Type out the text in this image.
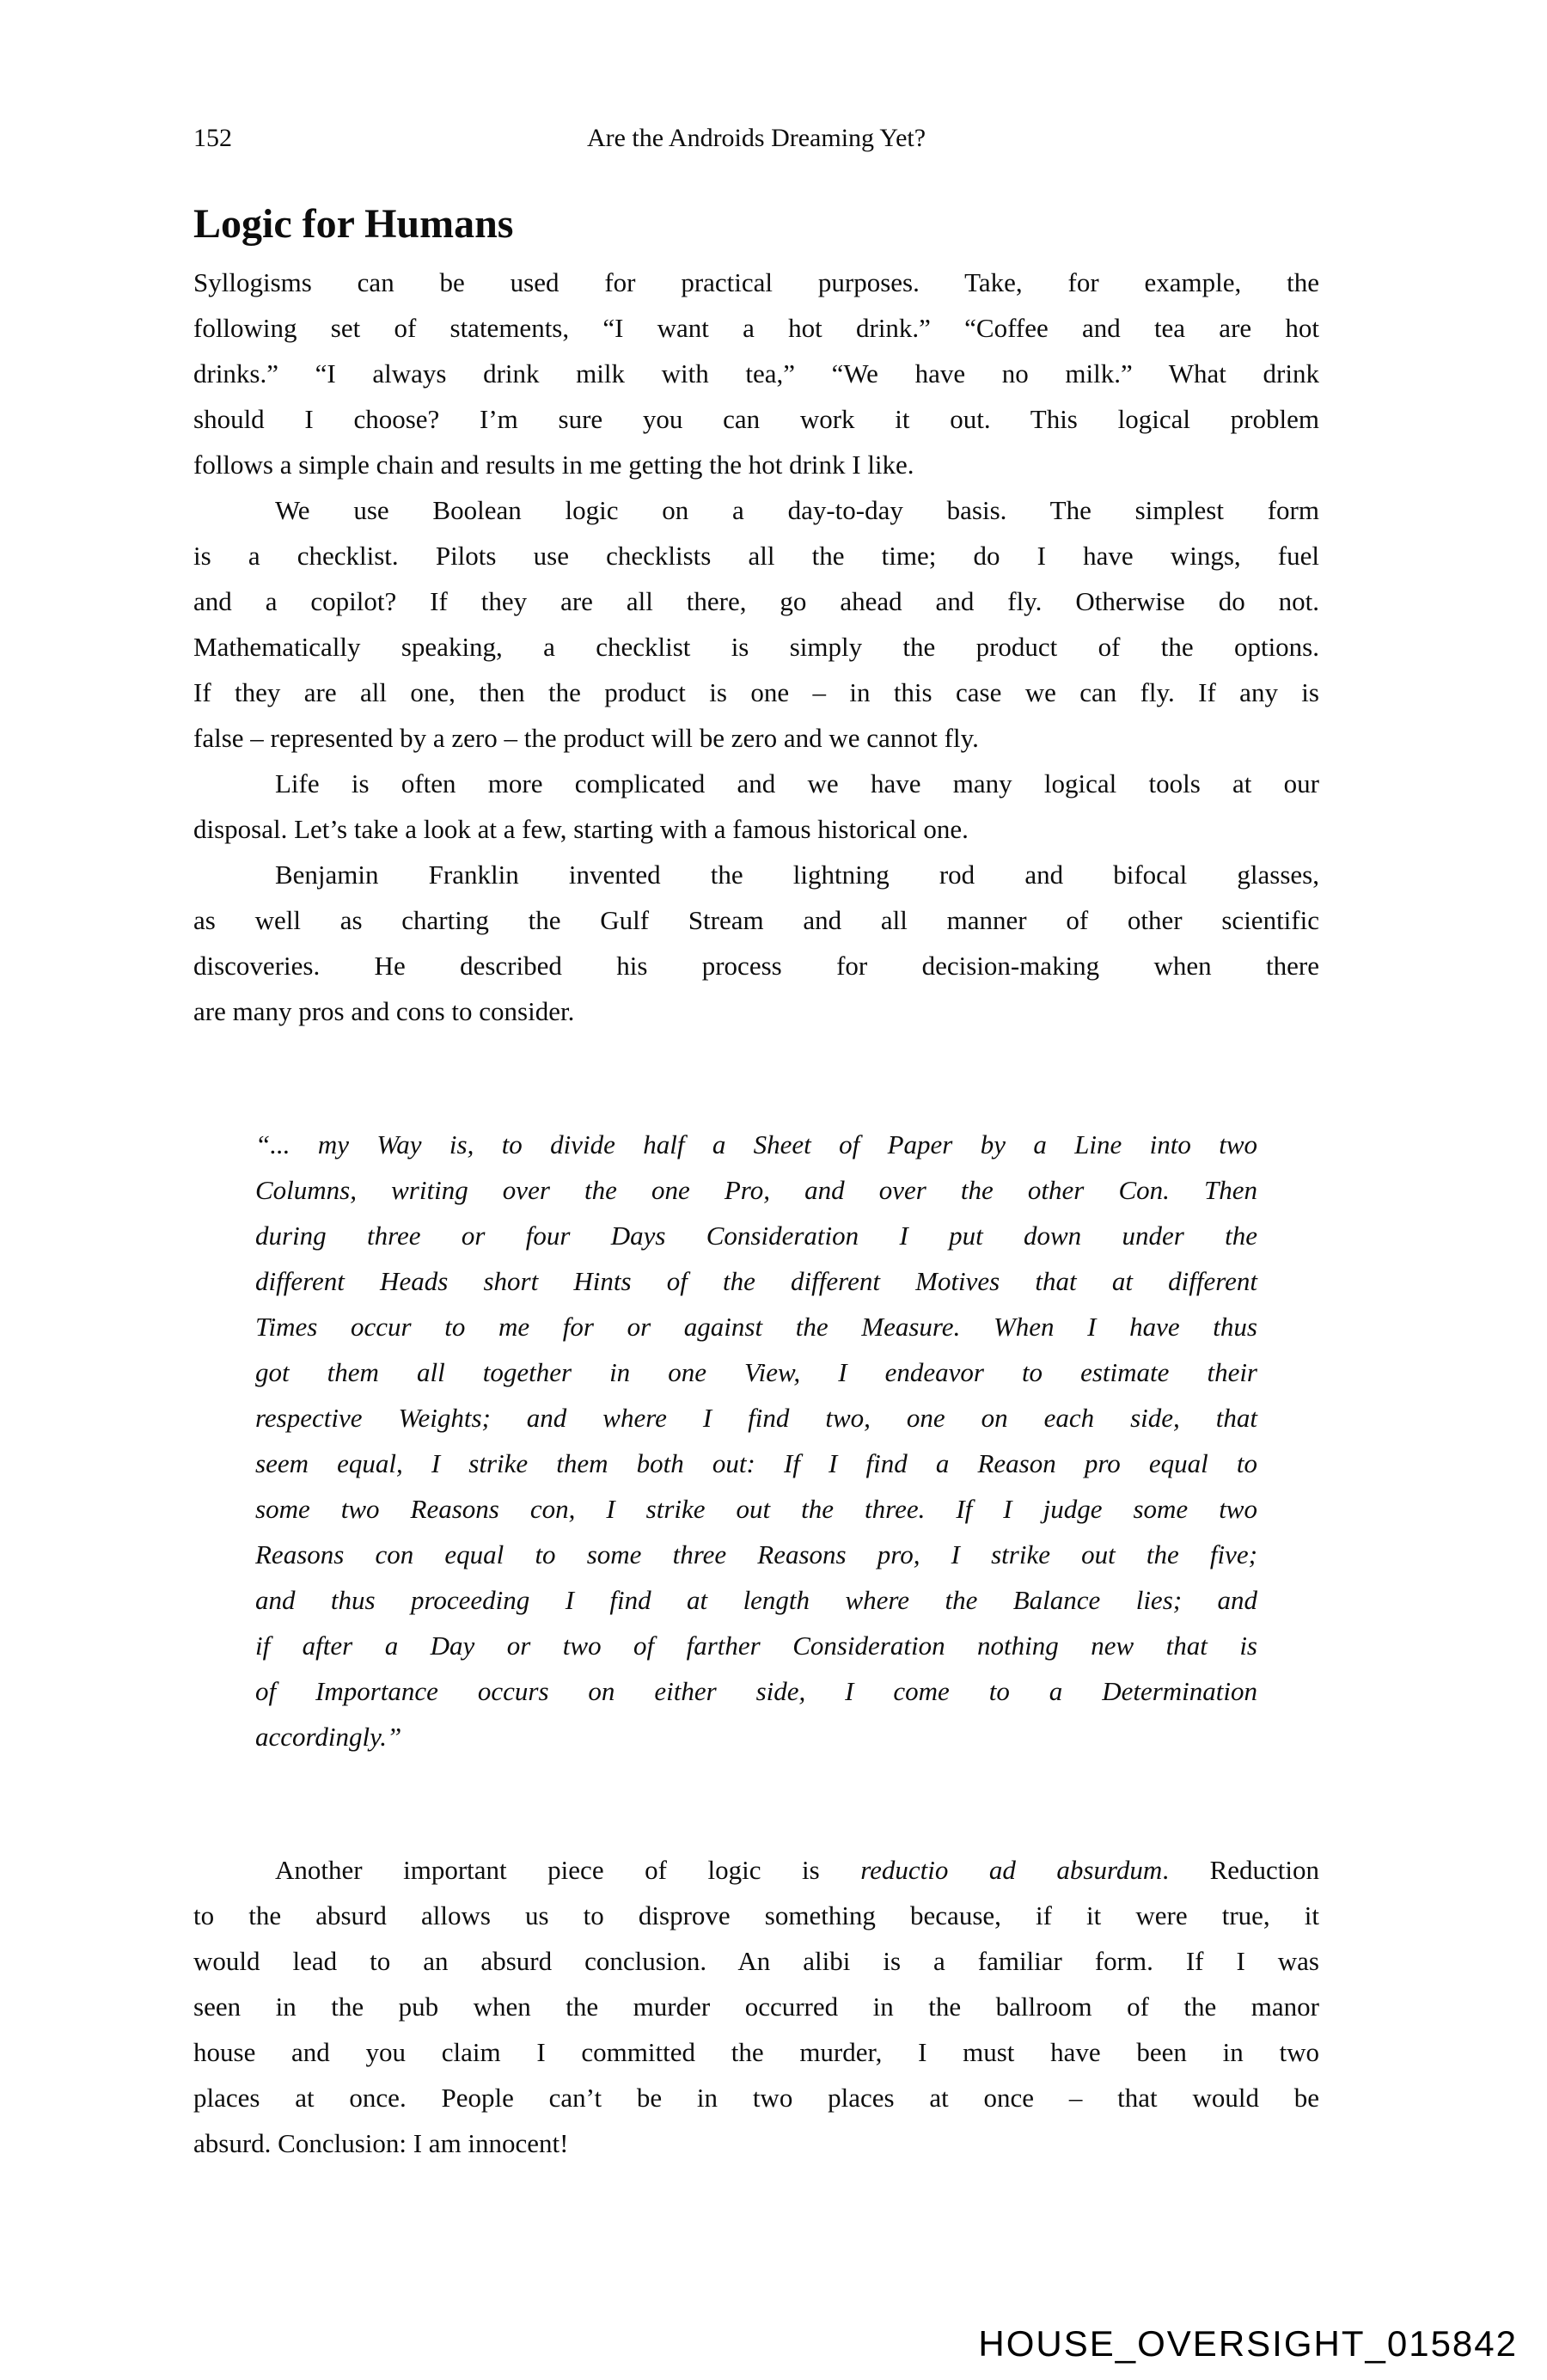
152	Are the Androids Dreaming Yet?
Logic for Humans
Syllogisms can be used for practical purposes. Take, for example, the
following set of statements, “I want a hot drink.” “Coffee and tea are hot
drinks.” “I always drink milk with tea,” “We have no milk.” What drink
should I choose? I’m sure you can work it out. This logical problem
follows a simple chain and results in me getting the hot drink I like.
We use Boolean logic on a day-to-day basis. The simplest form
is a checklist. Pilots use checklists all the time; do I have wings, fuel
and a copilot? If they are all there, go ahead and fly. Otherwise do not.
Mathematically speaking, a checklist is simply the product of the options.
If they are all one, then the product is one – in this case we can fly. If any is
false – represented by a zero – the product will be zero and we cannot fly.
Life is often more complicated and we have many logical tools at our
disposal. Let’s take a look at a few, starting with a famous historical one.
Benjamin Franklin invented the lightning rod and bifocal glasses,
as well as charting the Gulf Stream and all manner of other scientific
discoveries. He described his process for decision-making when there
are many pros and cons to consider.
“... my Way is, to divide half a Sheet of Paper by a Line into two
Columns, writing over the one Pro, and over the other Con. Then
during three or four Days Consideration I put down under the
different Heads short Hints of the different Motives that at different
Times occur to me for or against the Measure. When I have thus
got them all together in one View, I endeavor to estimate their
respective Weights; and where I find two, one on each side, that
seem equal, I strike them both out: If I find a Reason pro equal to
some two Reasons con, I strike out the three. If I judge some two
Reasons con equal to some three Reasons pro, I strike out the five;
and thus proceeding I find at length where the Balance lies; and
if after a Day or two of farther Consideration nothing new that is
of Importance occurs on either side, I come to a Determination
accordingly.”
Another important piece of logic is reductio ad absurdum. Reduction
to the absurd allows us to disprove something because, if it were true, it
would lead to an absurd conclusion. An alibi is a familiar form. If I was
seen in the pub when the murder occurred in the ballroom of the manor
house and you claim I committed the murder, I must have been in two
places at once. People can’t be in two places at once – that would be
absurd. Conclusion: I am innocent!
HOUSE_OVERSIGHT_015842
